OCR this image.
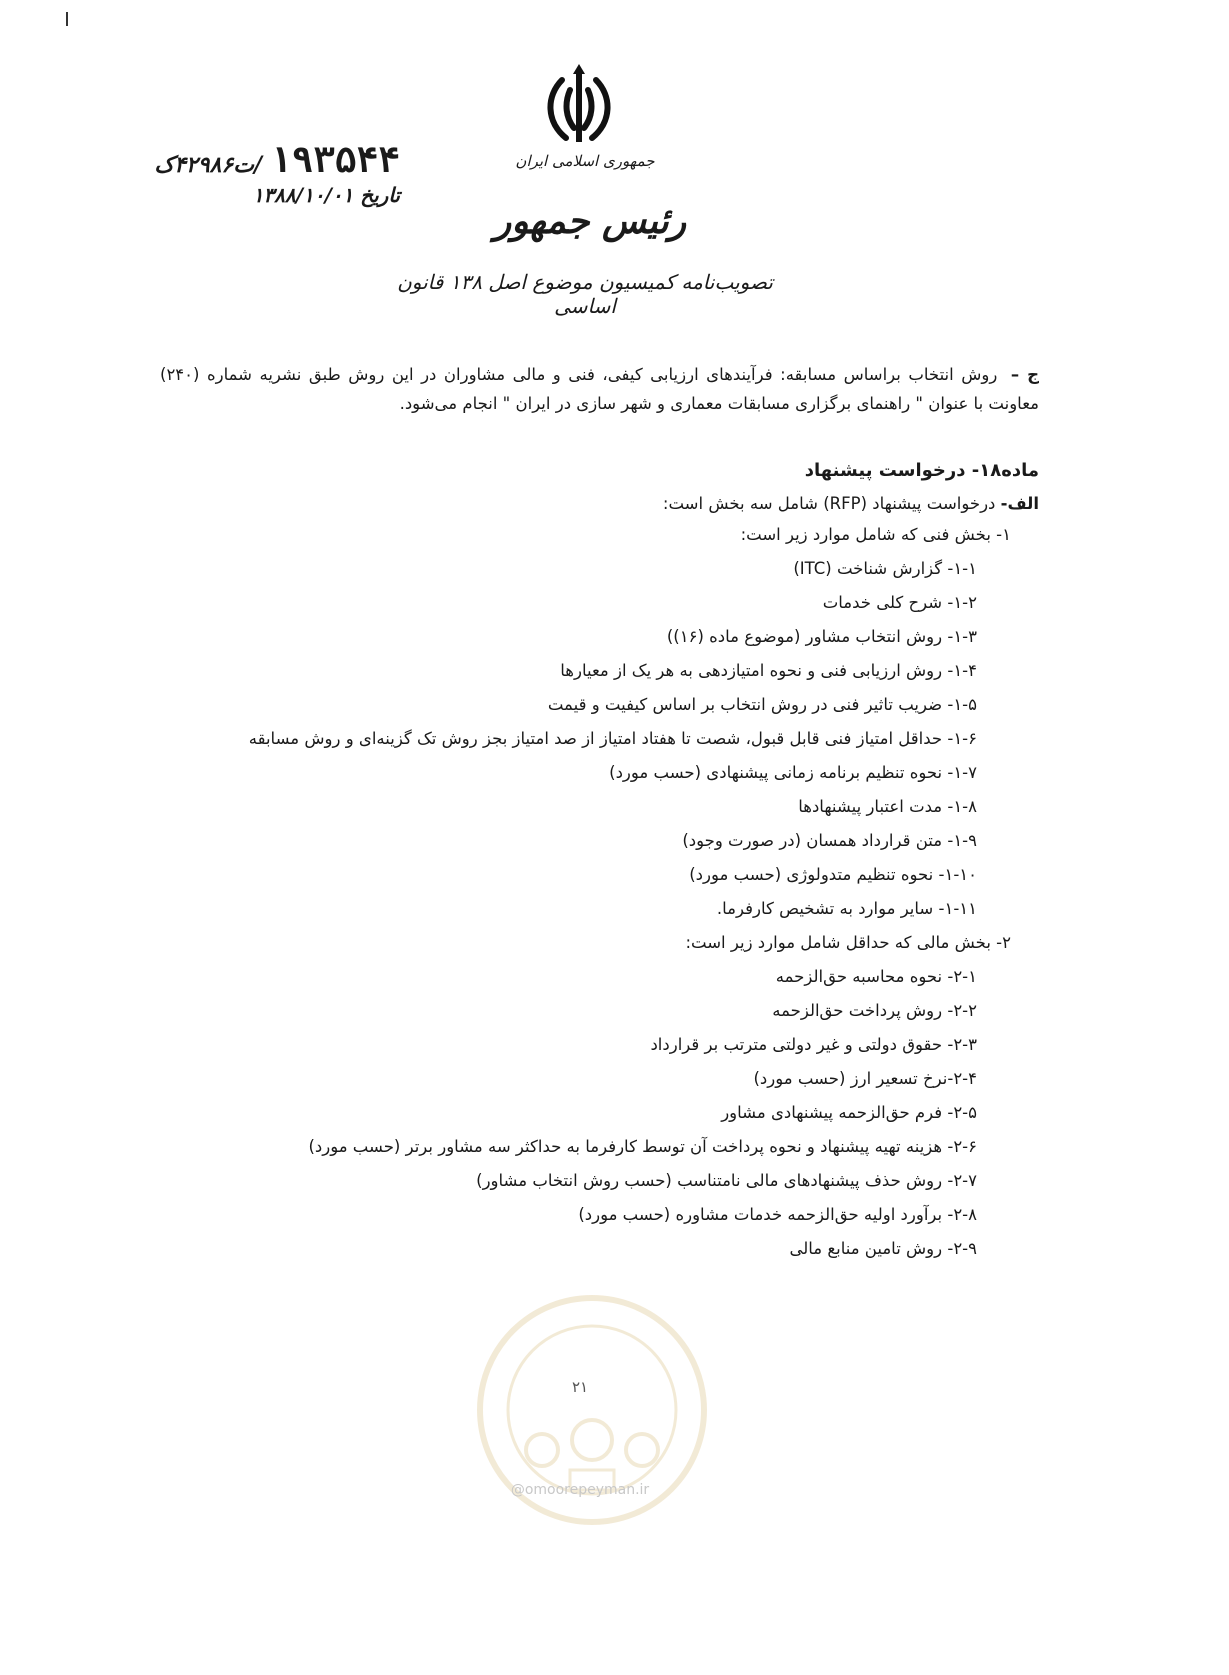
جمهوری اسلامی ایران
رئیس جمهور
تصویب‌نامه کمیسیون موضوع اصل ۱۳۸ قانون اساسی
۱۹۳۵۴۴
/ت۴۲۹۸۶ک
تاریخ ۱۳۸۸/۱۰/۰۱

ج – روش انتخاب براساس مسابقه: فرآیندهای ارزیابی کیفی، فنی و مالی مشاوران در این روش طبق نشریه شماره (۲۴۰) معاونت با عنوان " راهنمای برگزاری مسابقات معماری و شهر سازی در ایران " انجام می‌شود.

ماده۱۸- درخواست پیشنهاد
الف- درخواست پیشنهاد (RFP) شامل سه بخش است:
۱- بخش فنی که شامل موارد زیر است:
۱-۱- گزارش شناخت (ITC)
۱-۲- شرح کلی خدمات
۱-۳- روش انتخاب مشاور (موضوع ماده (۱۶))
۱-۴- روش ارزیابی فنی و نحوه امتیازدهی به هر یک از معیارها
۱-۵- ضریب تاثیر فنی در روش انتخاب بر اساس کیفیت و قیمت
۱-۶- حداقل امتیاز فنی قابل قبول، شصت تا هفتاد امتیاز از صد امتیاز بجز روش تک گزینه‌ای و روش مسابقه
۱-۷- نحوه تنظیم برنامه زمانی پیشنهادی (حسب مورد)
۱-۸- مدت اعتبار پیشنهادها
۱-۹- متن قرارداد همسان (در صورت وجود)
۱-۱۰- نحوه تنظیم متدولوژی (حسب مورد)
۱-۱۱- سایر موارد به تشخیص کارفرما.
۲- بخش مالی که حداقل شامل موارد زیر است:
۲-۱- نحوه محاسبه حق‌الزحمه
۲-۲- روش پرداخت حق‌الزحمه
۲-۳- حقوق دولتی و غیر دولتی مترتب بر قرارداد
۲-۴-نرخ تسعیر ارز (حسب مورد)
۲-۵- فرم حق‌الزحمه پیشنهادی مشاور
۲-۶- هزینه تهیه پیشنهاد و نحوه پرداخت آن توسط کارفرما به حداکثر سه مشاور برتر (حسب مورد)
۲-۷- روش حذف پیشنهادهای مالی نامتناسب (حسب روش انتخاب مشاور)
۲-۸- برآورد اولیه حق‌الزحمه خدمات مشاوره (حسب مورد)
۲-۹- روش تامین منابع مالی
۲۱
@omoorepeyman.ir
